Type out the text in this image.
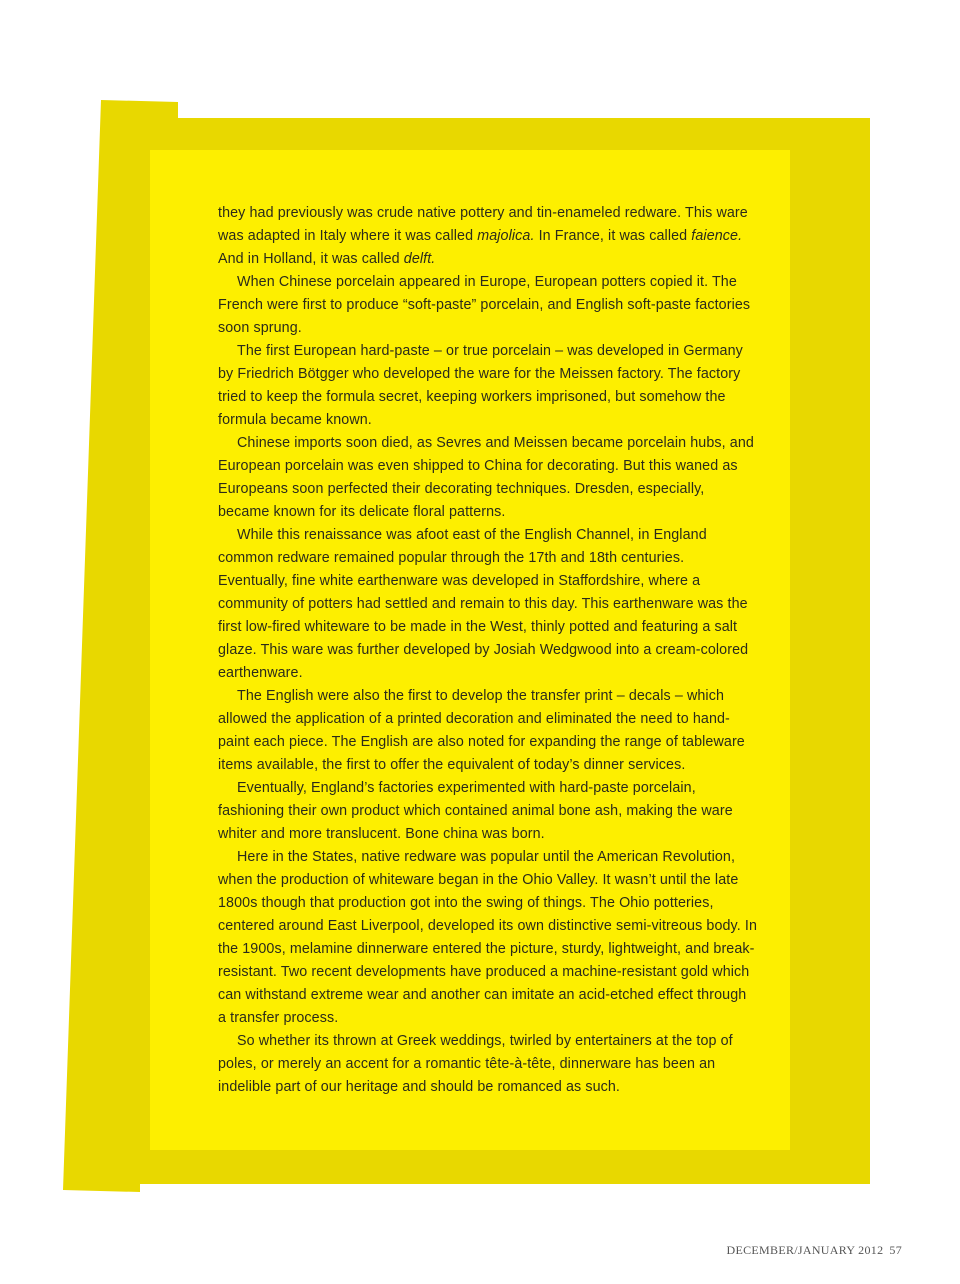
they had previously was crude native pottery and tin-enameled redware. This ware was adapted in Italy where it was called majolica. In France, it was called faience. And in Holland, it was called delft.

When Chinese porcelain appeared in Europe, European potters copied it. The French were first to produce “soft-paste” porcelain, and English soft-paste factories soon sprung.

The first European hard-paste – or true porcelain – was developed in Germany by Friedrich Bötgger who developed the ware for the Meissen factory. The factory tried to keep the formula secret, keeping workers imprisoned, but somehow the formula became known.

Chinese imports soon died, as Sevres and Meissen became porcelain hubs, and European porcelain was even shipped to China for decorating. But this waned as Europeans soon perfected their decorating techniques. Dresden, especially, became known for its delicate floral patterns.

While this renaissance was afoot east of the English Channel, in England common redware remained popular through the 17th and 18th centuries. Eventually, fine white earthenware was developed in Staffordshire, where a community of potters had settled and remain to this day. This earthenware was the first low-fired whiteware to be made in the West, thinly potted and featuring a salt glaze. This ware was further developed by Josiah Wedgwood into a cream-colored earthenware.

The English were also the first to develop the transfer print – decals – which allowed the application of a printed decoration and eliminated the need to hand-paint each piece. The English are also noted for expanding the range of tableware items available, the first to offer the equivalent of today’s dinner services.

Eventually, England’s factories experimented with hard-paste porcelain, fashioning their own product which contained animal bone ash, making the ware whiter and more translucent. Bone china was born.

Here in the States, native redware was popular until the American Revolution, when the production of whiteware began in the Ohio Valley. It wasn’t until the late 1800s though that production got into the swing of things. The Ohio potteries, centered around East Liverpool, developed its own distinctive semi-vitreous body. In the 1900s, melamine dinnerware entered the picture, sturdy, lightweight, and break-resistant. Two recent developments have produced a machine-resistant gold which can withstand extreme wear and another can imitate an acid-etched effect through a transfer process.

So whether its thrown at Greek weddings, twirled by entertainers at the top of poles, or merely an accent for a romantic tête-à-tête, dinnerware has been an indelible part of our heritage and should be romanced as such.

DECEMBER/JANUARY 2012 57
